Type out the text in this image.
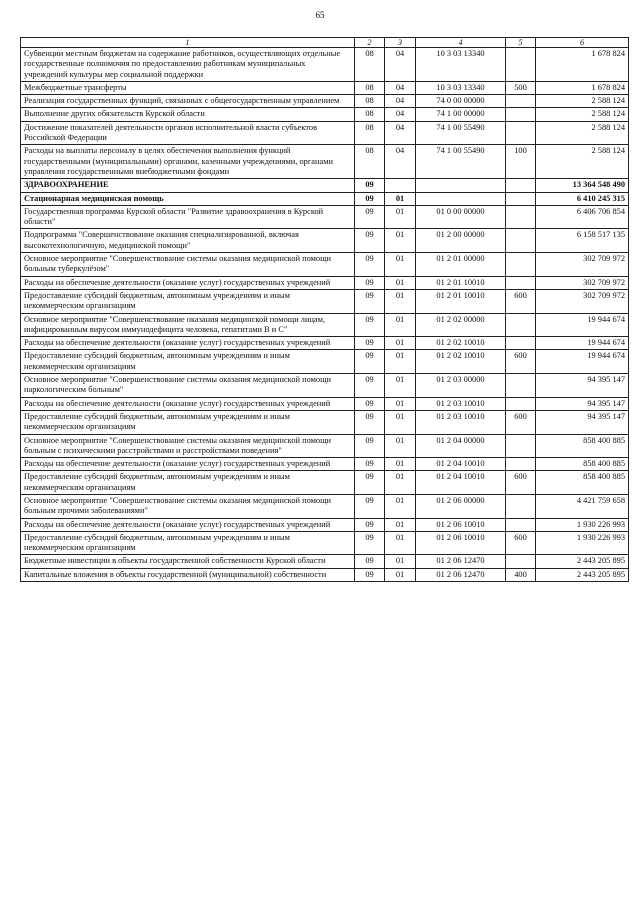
65
1	2	3	4	5	6
Субвенции местным бюджетам на содержание работников, осуществляющих отдельные государственные полномочия по предоставлению работникам муниципальных учреждений культуры мер социальной поддержки	08	04	10 3 03 13340		1 678 824
Межбюджетные трансферты	08	04	10 3 03 13340	500	1 678 824
Реализация государственных функций, связанных с общегосударственным управлением	08	04	74 0 00 00000		2 588 124
Выполнение других обязательств Курской области	08	04	74 1 00 00000		2 588 124
Достижение показателей деятельности органов исполнительной власти субъектов Российской Федерации	08	04	74 1 00 55490		2 588 124
Расходы на выплаты персоналу в целях обеспечения выполнения функций государственными (муниципальными) органами, казенными учреждениями, органами управления государственными внебюджетными фондами	08	04	74 1 00 55490	100	2 588 124
ЗДРАВООХРАНЕНИЕ	09				13 364 548 490
Стационарная медицинская помощь	09	01			6 410 245 315
Государственная программа Курской области "Развитие здравоохранения в Курской области"	09	01	01 0 00 00000		6 406 706 854
Подпрограмма "Совершенствование оказания специализированной, включая высокотехнологичную, медицинской помощи"	09	01	01 2 00 00000		6 158 517 135
Основное мероприятие "Совершенствование системы оказания медицинской помощи больным туберкулёзом"	09	01	01 2 01 00000		302 709 972
Расходы на обеспечение деятельности (оказание услуг) государственных учреждений	09	01	01 2 01 10010		302 709 972
Предоставление субсидий бюджетным, автономным учреждениям и иным некоммерческим организациям	09	01	01 2 01 10010	600	302 709 972
Основное мероприятие "Совершенствование оказания медицинской помощи лицам, инфицированным вирусом иммунодефицита человека, гепатитами В и С"	09	01	01 2 02 00000		19 944 674
Расходы на обеспечение деятельности (оказание услуг) государственных учреждений	09	01	01 2 02 10010		19 944 674
Предоставление субсидий бюджетным, автономным учреждениям и иным некоммерческим организациям	09	01	01 2 02 10010	600	19 944 674
Основное мероприятие "Совершенствование системы оказания медицинской помощи наркологическим больным"	09	01	01 2 03 00000		94 395 147
Расходы на обеспечение деятельности (оказание услуг) государственных учреждений	09	01	01 2 03 10010		94 395 147
Предоставление субсидий бюджетным, автономным учреждениям и иным некоммерческим организациям	09	01	01 2 03 10010	600	94 395 147
Основное мероприятие "Совершенствование системы оказания медицинской помощи больным с психическими расстройствами и расстройствами поведения"	09	01	01 2 04 00000		858 400 885
Расходы на обеспечение деятельности (оказание услуг) государственных учреждений	09	01	01 2 04 10010		858 400 885
Предоставление субсидий бюджетным, автономным учреждениям и иным некоммерческим организациям	09	01	01 2 04 10010	600	858 400 885
Основное мероприятие "Совершенствование системы оказания медицинской помощи больным прочими заболеваниями"	09	01	01 2 06 00000		4 421 759 658
Расходы на обеспечение деятельности (оказание услуг) государственных учреждений	09	01	01 2 06 10010		1 930 226 993
Предоставление субсидий бюджетным, автономным учреждениям и иным некоммерческим организациям	09	01	01 2 06 10010	600	1 930 226 993
Бюджетные инвестиции в объекты государственной собственности Курской области	09	01	01 2 06 12470		2 443 205 895
Капитальные вложения в объекты государственной (муниципальной) собственности	09	01	01 2 06 12470	400	2 443 205 895
